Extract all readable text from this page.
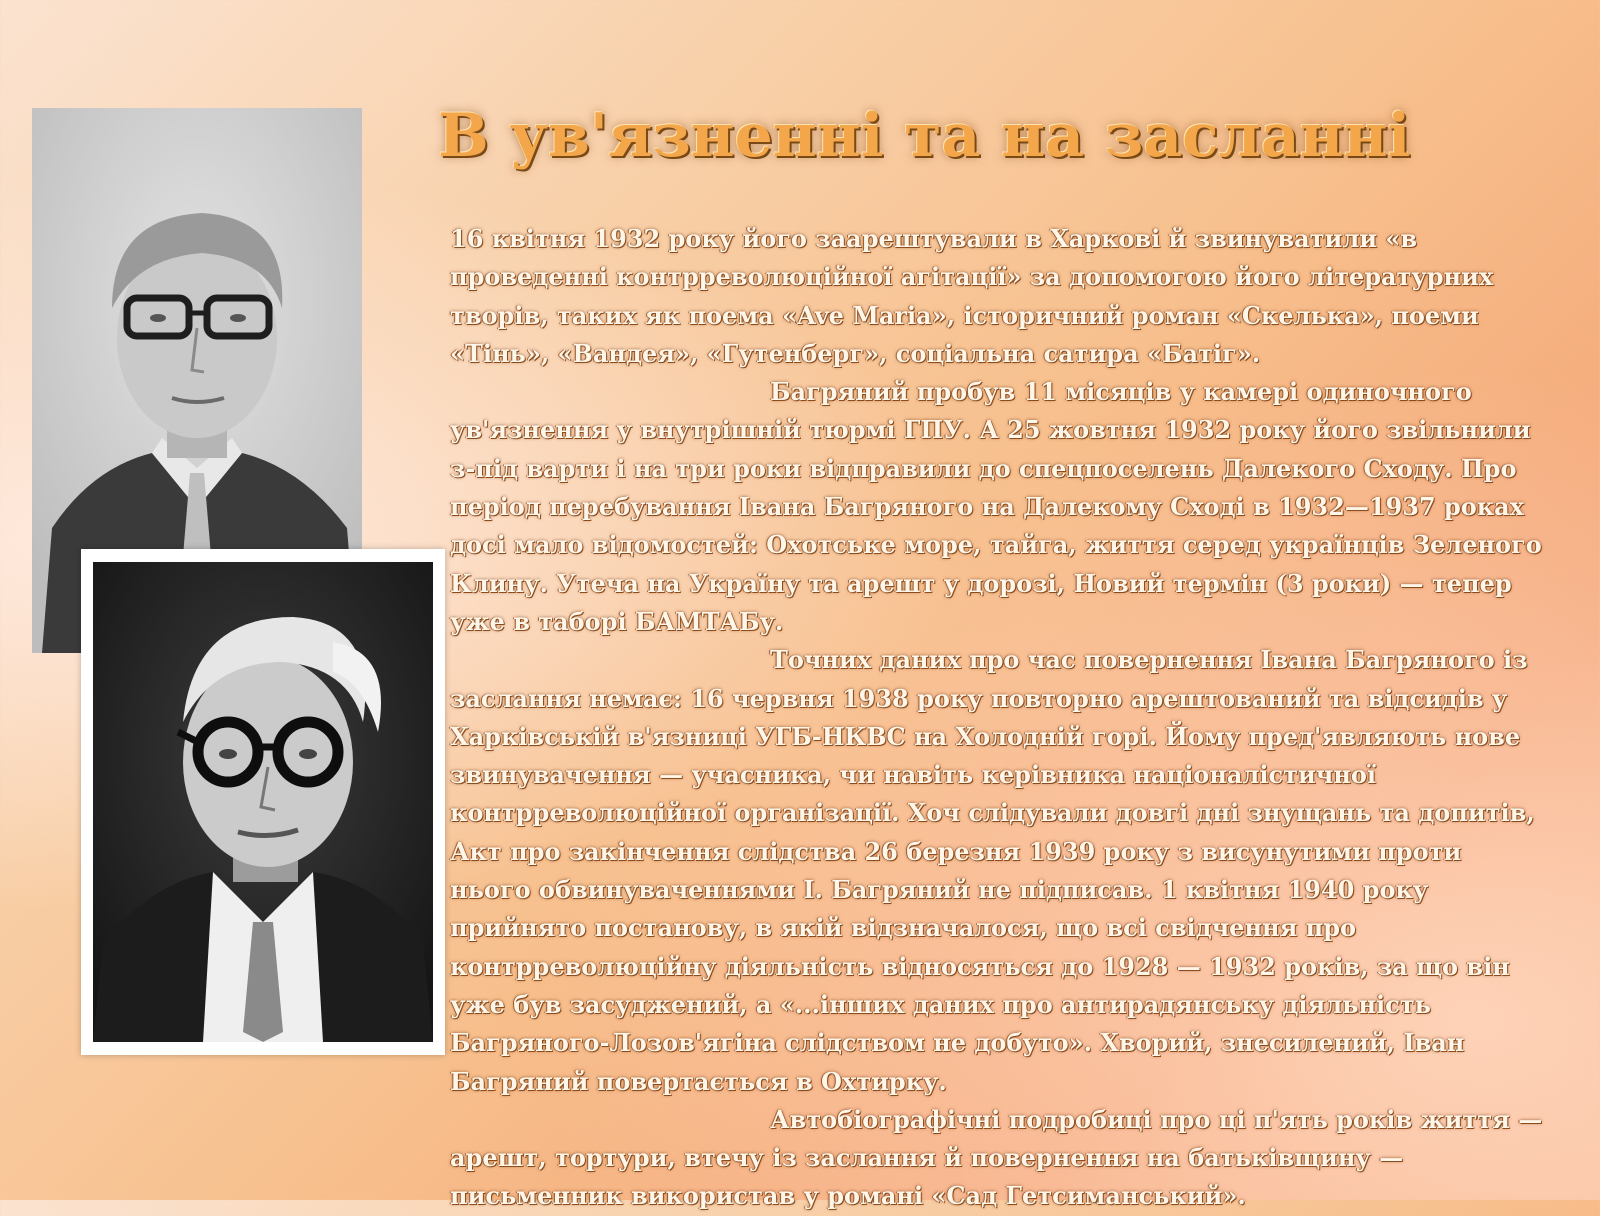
В ув'язненні та на засланні

16 квітня 1932 року його заарештували в Харкові й звинуватили «в проведенні контрреволюційної агітації» за допомогою його літературних творів, таких як поема «Ave Maria», історичний роман «Скелька», поеми «Тінь», «Вандея», «Гутенберг», соціальна сатира «Батіг».

Багряний пробув 11 місяців у камері одиночного ув'язнення у внутрішній тюрмі ГПУ. А 25 жовтня 1932 року його звільнили з-під варти і на три роки відправили до спецпоселень Далекого Сходу. Про період перебування Івана Багряного на Далекому Сході в 1932—1937 роках досі мало відомостей: Охотське море, тайга, життя серед українців Зеленого Клину. Утеча на Україну та арешт у дорозі, Новий термін (3 роки) — тепер уже в таборі БАМТАБу.

Точних даних про час повернення Івана Багряного із заслання немає: 16 червня 1938 року повторно арештований та відсидів у Харківській в'язниці УГБ-НКВС на Холодній горі. Йому пред'являють нове звинувачення — учасника, чи навіть керівника націоналістичної контрреволюційної організації. Хоч слідували довгі дні знущань та допитів, Акт про закінчення слідства 26 березня 1939 року з висунутими проти нього обвинуваченнями І. Багряний не підписав. 1 квітня 1940 року прийнято постанову, в якій відзначалося, що всі свідчення про контрреволюційну діяльність відносяться до 1928 — 1932 років, за що він уже був засуджений, а «...інших даних про антирадянську діяльність Багряного-Лозов'ягіна слідством не добуто». Хворий, знесилений, Іван Багряний повертається в Охтирку.

Автобіографічні подробиці про ці п'ять років життя — арешт, тортури, втечу із заслання й повернення на батьківщину — письменник використав у романі «Сад Гетсиманський».
